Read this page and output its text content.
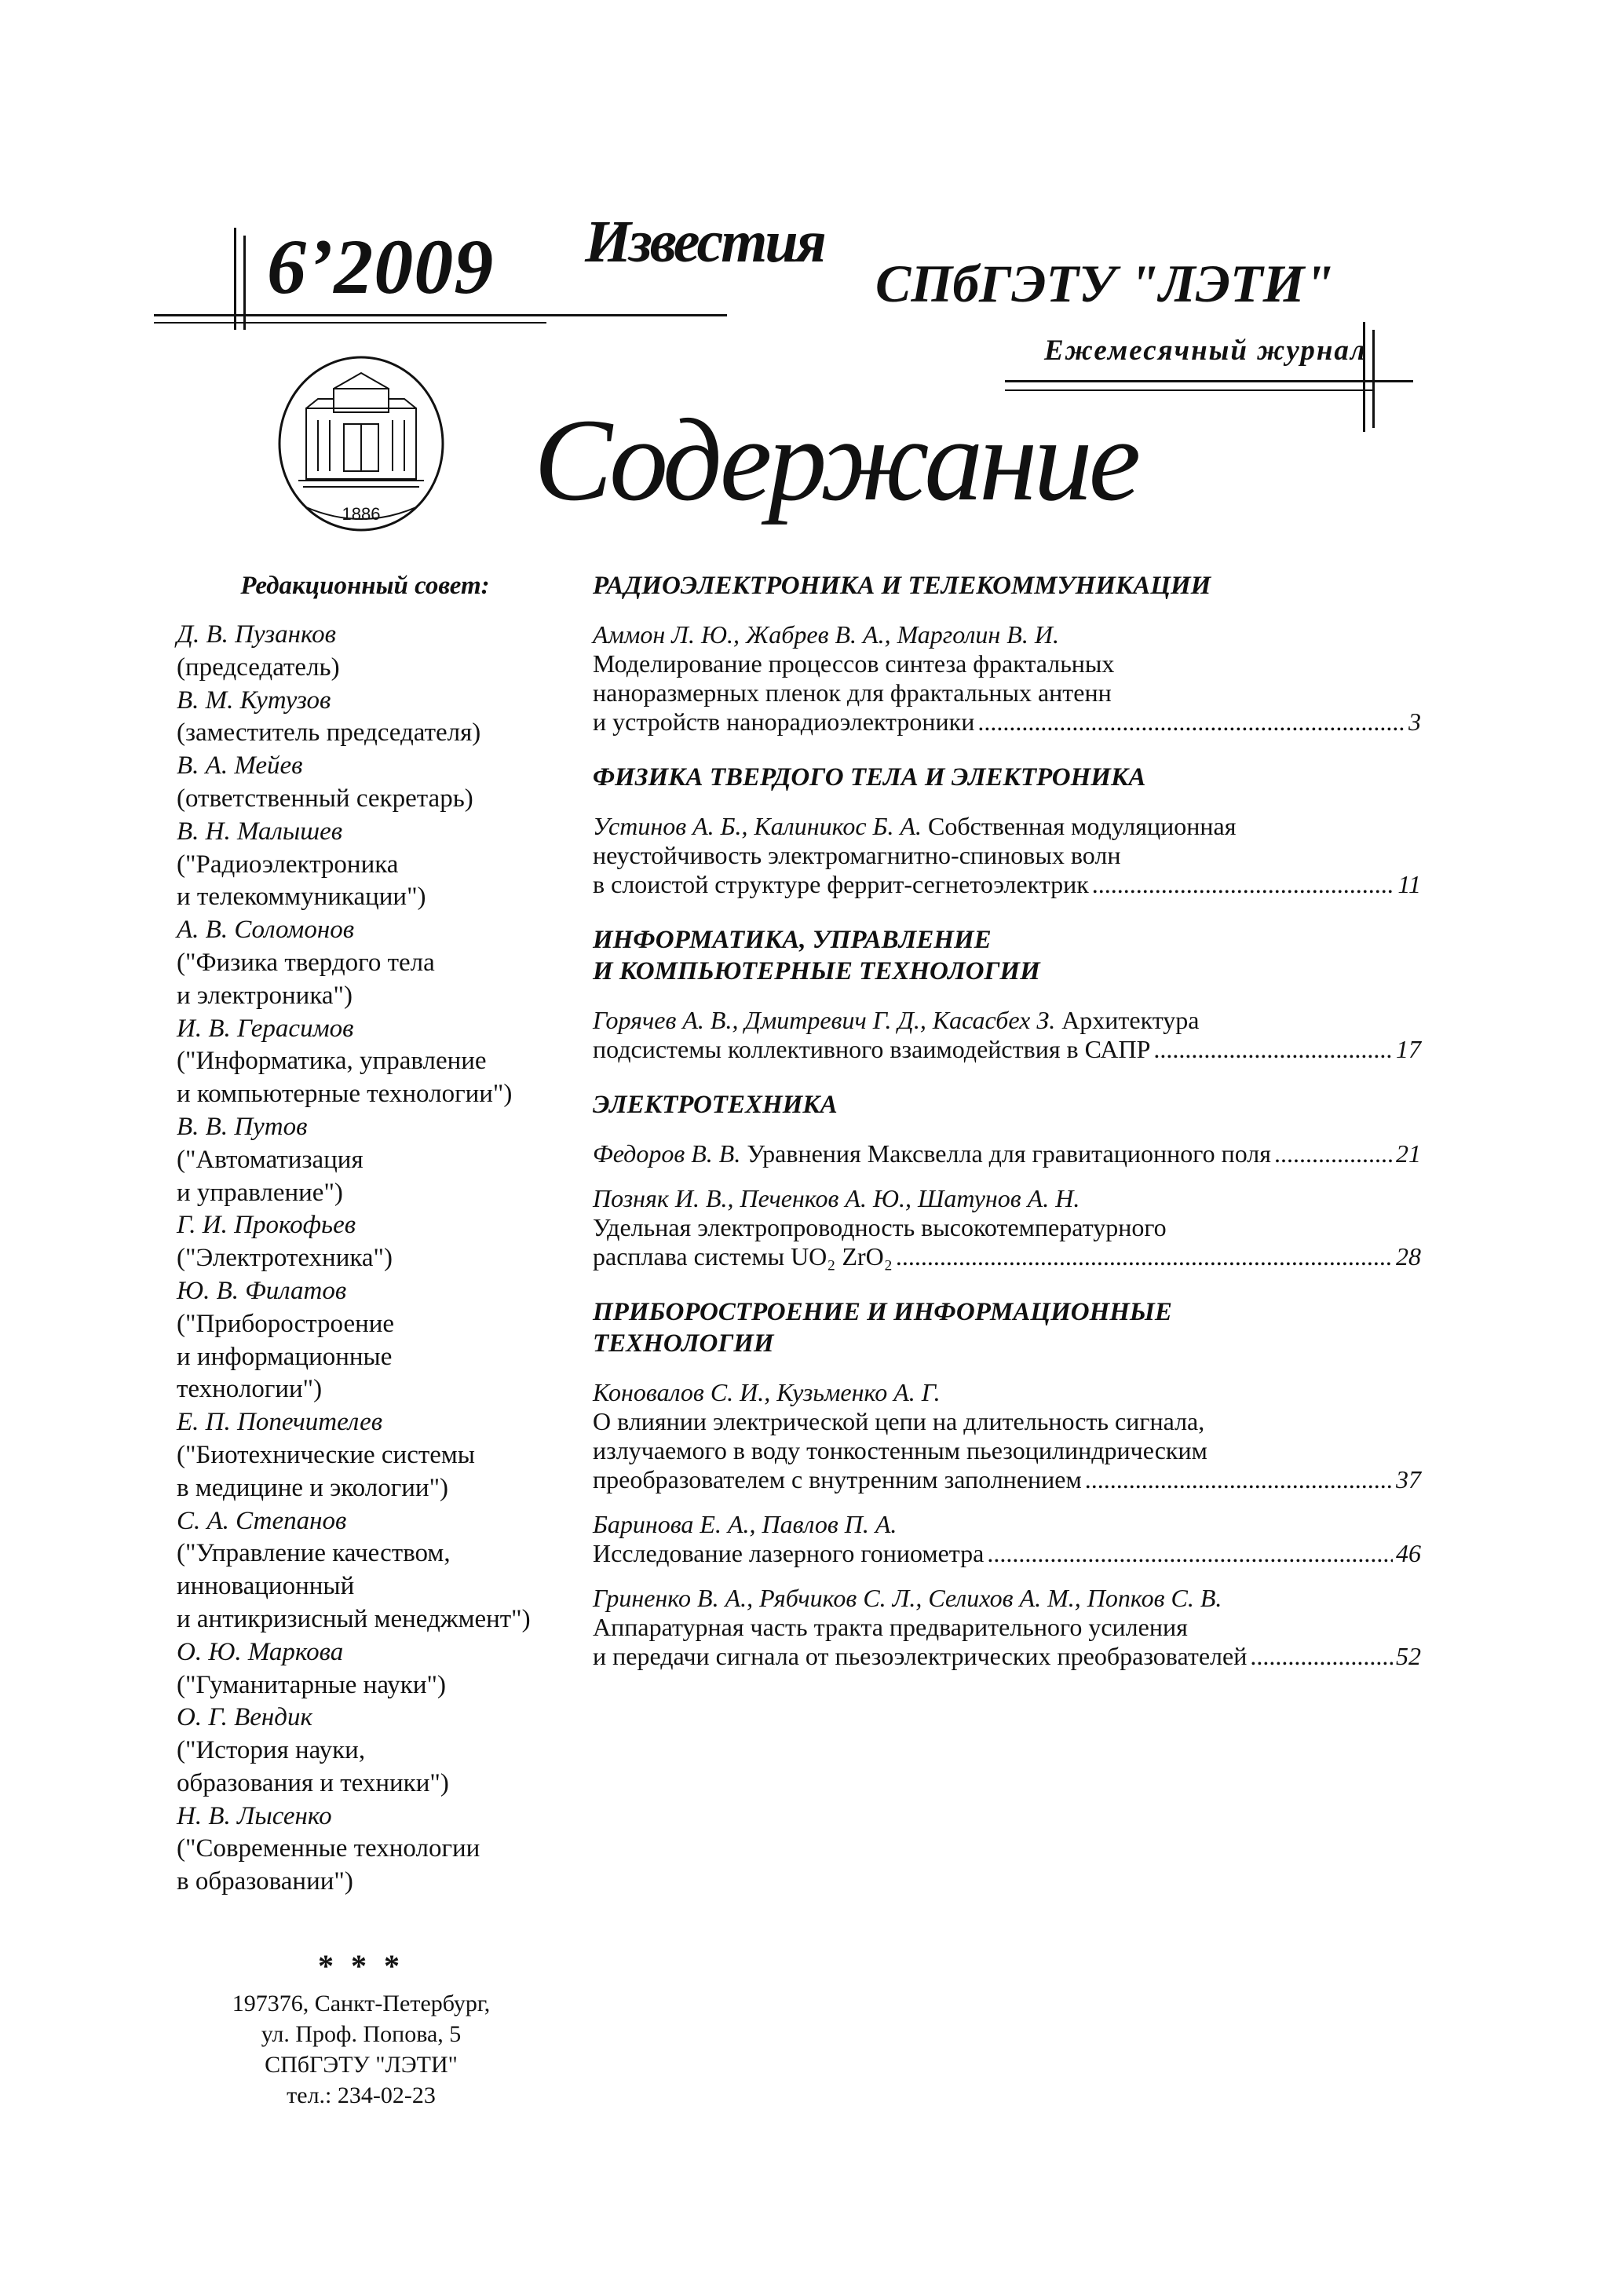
6’2009 Известия
СПбГЭТУ "ЛЭТИ"
Ежемесячный журнал
Содержание
1886
Редакционный совет:
Д. В. Пузанков
(председатель)
В. М. Кутузов
(заместитель председателя)
В. А. Мейев
(ответственный секретарь)
В. Н. Малышев
("Радиоэлектроника
и телекоммуникации")
А. В. Соломонов
("Физика твердого тела
и электроника")
И. В. Герасимов
("Информатика, управление
и компьютерные технологии")
В. В. Путов
("Автоматизация
и управление")
Г. И. Прокофьев
("Электротехника")
Ю. В. Филатов
("Приборостроение
и информационные
технологии")
Е. П. Попечителев
("Биотехнические системы
в медицине и экологии")
С. А. Степанов
("Управление качеством,
инновационный
и антикризисный менеджмент")
О. Ю. Маркова
("Гуманитарные науки")
О. Г. Вендик
("История науки,
образования и техники")
Н. В. Лысенко
("Современные технологии
в образовании")
* * *
197376, Санкт-Петербург,
ул. Проф. Попова, 5
СПбГЭТУ "ЛЭТИ"
тел.: 234-02-23
РАДИОЭЛЕКТРОНИКА И ТЕЛЕКОММУНИКАЦИИ
Аммон Л. Ю., Жабрев В. А., Марголин В. И.
Моделирование процессов синтеза фрактальных
наноразмерных пленок для фрактальных антенн
и устройств нанорадиоэлектроники .....	3
ФИЗИКА ТВЕРДОГО ТЕЛА И ЭЛЕКТРОНИКА
Устинов А. Б., Калиникос Б. А. Собственная модуляционная
неустойчивость электромагнитно-спиновых волн
в слоистой структуре феррит-сегнетоэлектрик .....	11
ИНФОРМАТИКА, УПРАВЛЕНИЕ
И КОМПЬЮТЕРНЫЕ ТЕХНОЛОГИИ
Горячев А. В., Дмитревич Г. Д., Касасбех З. Архитектура
подсистемы коллективного взаимодействия в САПР .....	17
ЭЛЕКТРОТЕХНИКА
Федоров В. В. Уравнения Максвелла для гравитационного поля .....	21
Позняк И. В., Печенков А. Ю., Шатунов А. Н.
Удельная электропроводность высокотемпературного
расплава системы UO₂ ZrO₂ .....	28
ПРИБОРОСТРОЕНИЕ И ИНФОРМАЦИОННЫЕ
ТЕХНОЛОГИИ
Коновалов С. И., Кузьменко А. Г.
О влиянии электрической цепи на длительность сигнала,
излучаемого в воду тонкостенным пьезоцилиндрическим
преобразователем с внутренним заполнением .....	37
Баринова Е. А., Павлов П. А.
Исследование лазерного гониометра .....	46
Гриненко В. А., Рябчиков С. Л., Селихов А. М., Попков С. В.
Аппаратурная часть тракта предварительного усиления
и передачи сигнала от пьезоэлектрических преобразователей .....	52
